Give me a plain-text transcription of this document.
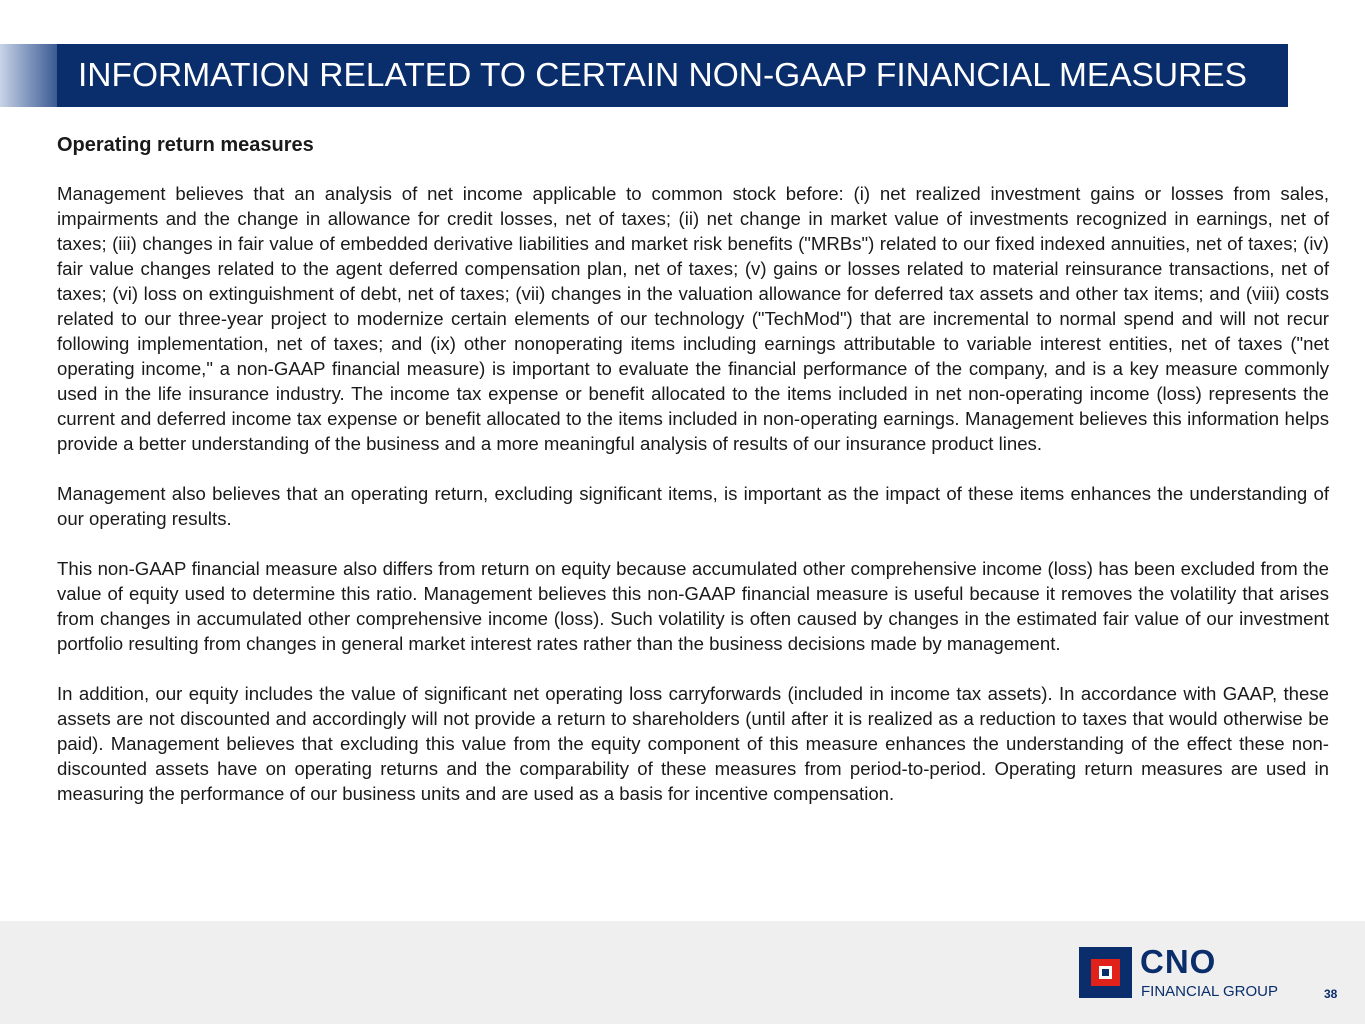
INFORMATION RELATED TO CERTAIN NON-GAAP FINANCIAL MEASURES
Operating return measures

Management believes that an analysis of net income applicable to common stock before: (i) net realized investment gains or losses from sales, impairments and the change in allowance for credit losses, net of taxes; (ii) net change in market value of investments recognized in earnings, net of taxes; (iii) changes in fair value of embedded derivative liabilities and market risk benefits ("MRBs") related to our fixed indexed annuities, net of taxes; (iv) fair value changes related to the agent deferred compensation plan, net of taxes; (v) gains or losses related to material reinsurance transactions, net of taxes; (vi) loss on extinguishment of debt, net of taxes; (vii) changes in the valuation allowance for deferred tax assets and other tax items; and (viii) costs related to our three-year project to modernize certain elements of our technology ("TechMod") that are incremental to normal spend and will not recur following implementation, net of taxes; and (ix) other nonoperating items including earnings attributable to variable interest entities, net of taxes ("net operating income," a non-GAAP financial measure) is important to evaluate the financial performance of the company, and is a key measure commonly used in the life insurance industry. The income tax expense or benefit allocated to the items included in net non-operating income (loss) represents the current and deferred income tax expense or benefit allocated to the items included in non-operating earnings. Management believes this information helps provide a better understanding of the business and a more meaningful analysis of results of our insurance product lines.

Management also believes that an operating return, excluding significant items, is important as the impact of these items enhances the understanding of our operating results.

This non-GAAP financial measure also differs from return on equity because accumulated other comprehensive income (loss) has been excluded from the value of equity used to determine this ratio. Management believes this non-GAAP financial measure is useful because it removes the volatility that arises from changes in accumulated other comprehensive income (loss). Such volatility is often caused by changes in the estimated fair value of our investment portfolio resulting from changes in general market interest rates rather than the business decisions made by management.

In addition, our equity includes the value of significant net operating loss carryforwards (included in income tax assets). In accordance with GAAP, these assets are not discounted and accordingly will not provide a return to shareholders (until after it is realized as a reduction to taxes that would otherwise be paid). Management believes that excluding this value from the equity component of this measure enhances the understanding of the effect these non-discounted assets have on operating returns and the comparability of these measures from period-to-period. Operating return measures are used in measuring the performance of our business units and are used as a basis for incentive compensation.

CNO
FINANCIAL GROUP	38
